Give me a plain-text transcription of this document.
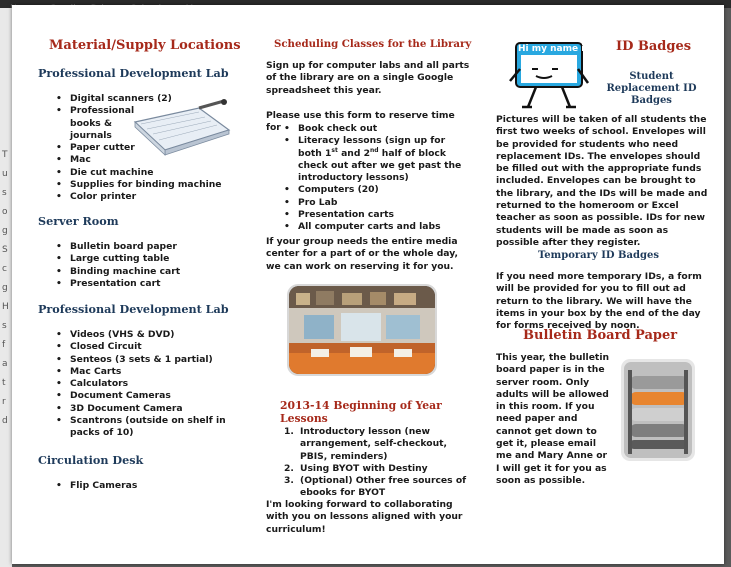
T
u
s
o
g
S
c
g
H
s
f
a
t
r
d
Material/Supply Locations
Professional Development Lab
• Digital scanners (2)
• Professional books & journals
• Paper cutter
• Mac
• Die cut machine
• Supplies for binding machine
• Color printer
Server Room
• Bulletin board paper
• Large cutting table
• Binding machine cart
• Presentation cart
Professional Development Lab
• Videos (VHS & DVD)
• Closed Circuit
• Senteos (3 sets & 1 partial)
• Mac Carts
• Calculators
• Document Cameras
• 3D Document Camera
• Scantrons (outside on shelf in packs of 10)
Circulation Desk
• Flip Cameras
Scheduling Classes for the Library

Sign up for computer labs and all parts of the library are on a single Google spreadsheet this year.

Please use this form to reserve time for

•	Book check out
• Literacy lessons (sign up for both 1st and 2nd half of block check out after we get past the introductory lessons)
• Computers (20)
• Pro Lab
• Presentation carts
• All computer carts and labs

If your group needs the entire media center for a part of or the whole day, we can work on reserving it for you.

2013-14 Beginning of Year Lessons
1. Introductory lesson (new arrangement, self-checkout, PBIS, reminders)
2. Using BYOT with Destiny
3. (Optional) Other free sources of ebooks for BYOT

I'm looking forward to collaborating with you on lessons aligned with your curriculum!

Hi my name is ID Badges
Student Replacement ID Badges

Pictures will be taken of all students the first two weeks of school. Envelopes will be provided for students who need replacement IDs. The envelopes should be filled out with the appropriate funds included. Envelopes can be brought to the library, and the IDs will be made and returned to the homeroom or Excel teacher as soon as possible. IDs for new students will be made as soon as possible after they register.

Temporary ID Badges

If you need more temporary IDs, a form will be provided for you to fill out ad return to the library. We will have the items in your box by the end of the day for forms received by noon.

Bulletin Board Paper

This year, the bulletin board paper is in the server room. Only adults will be allowed in this room. If you need paper and cannot get down to get it, please email me and Mary Anne or I will get it for you as soon as possible.
